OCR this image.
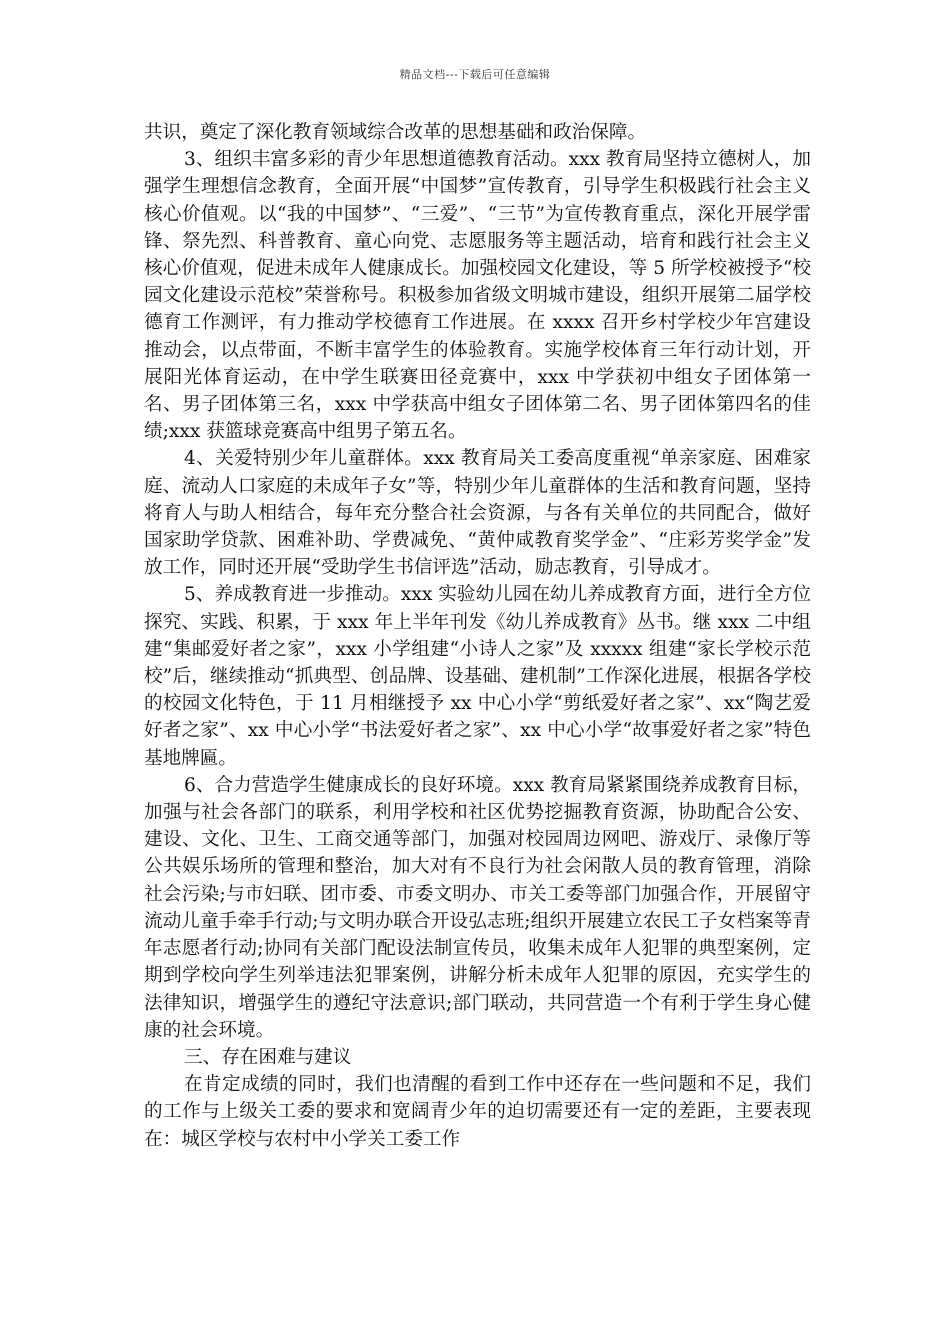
精品文档---下载后可任意编辑

共识，奠定了深化教育领域综合改革的思想基础和政治保障。

3、组织丰富多彩的青少年思想道德教育活动。xxx 教育局坚持立德树人，加强学生理想信念教育，全面开展“中国梦”宣传教育，引导学生积极践行社会主义核心价值观。以“我的中国梦”、“三爱”、“三节”为宣传教育重点，深化开展学雷锋、祭先烈、科普教育、童心向党、志愿服务等主题活动，培育和践行社会主义核心价值观，促进未成年人健康成长。加强校园文化建设，等 5 所学校被授予“校园文化建设示范校”荣誉称号。积极参加省级文明城市建设，组织开展第二届学校德育工作测评，有力推动学校德育工作进展。在 xxxx 召开乡村学校少年宫建设推动会，以点带面，不断丰富学生的体验教育。实施学校体育三年行动计划，开展阳光体育运动，在中学生联赛田径竞赛中，xxx 中学获初中组女子团体第一名、男子团体第三名，xxx 中学获高中组女子团体第二名、男子团体第四名的佳绩;xxx 获篮球竞赛高中组男子第五名。

4、关爱特别少年儿童群体。xxx 教育局关工委高度重视“单亲家庭、困难家庭、流动人口家庭的未成年子女”等，特别少年儿童群体的生活和教育问题，坚持将育人与助人相结合，每年充分整合社会资源，与各有关单位的共同配合，做好国家助学贷款、困难补助、学费减免、“黄仲咸教育奖学金”、“庄彩芳奖学金”发放工作，同时还开展“受助学生书信评选”活动，励志教育，引导成才。

5、养成教育进一步推动。xxx 实验幼儿园在幼儿养成教育方面，进行全方位探究、实践、积累，于 xxx 年上半年刊发《幼儿养成教育》丛书。继 xxx 二中组建“集邮爱好者之家”，xxx 小学组建“小诗人之家”及 xxxxx 组建“家长学校示范校”后，继续推动“抓典型、创品牌、设基础、建机制”工作深化进展，根据各学校的校园文化特色，于 11 月相继授予 xx 中心小学“剪纸爱好者之家”、xx“陶艺爱好者之家”、xx 中心小学“书法爱好者之家”、xx 中心小学“故事爱好者之家”特色基地牌匾。

6、合力营造学生健康成长的良好环境。xxx 教育局紧紧围绕养成教育目标，加强与社会各部门的联系，利用学校和社区优势挖掘教育资源，协助配合公安、建设、文化、卫生、工商交通等部门，加强对校园周边网吧、游戏厅、录像厅等公共娱乐场所的管理和整治，加大对有不良行为社会闲散人员的教育管理，消除社会污染;与市妇联、团市委、市委文明办、市关工委等部门加强合作，开展留守流动儿童手牵手行动;与文明办联合开设弘志班;组织开展建立农民工子女档案等青年志愿者行动;协同有关部门配设法制宣传员，收集未成年人犯罪的典型案例，定期到学校向学生列举违法犯罪案例，讲解分析未成年人犯罪的原因，充实学生的法律知识，增强学生的遵纪守法意识;部门联动，共同营造一个有利于学生身心健康的社会环境。

三、存在困难与建议

在肯定成绩的同时，我们也清醒的看到工作中还存在一些问题和不足，我们的工作与上级关工委的要求和宽阔青少年的迫切需要还有一定的差距，主要表现在：城区学校与农村中小学关工委工作
